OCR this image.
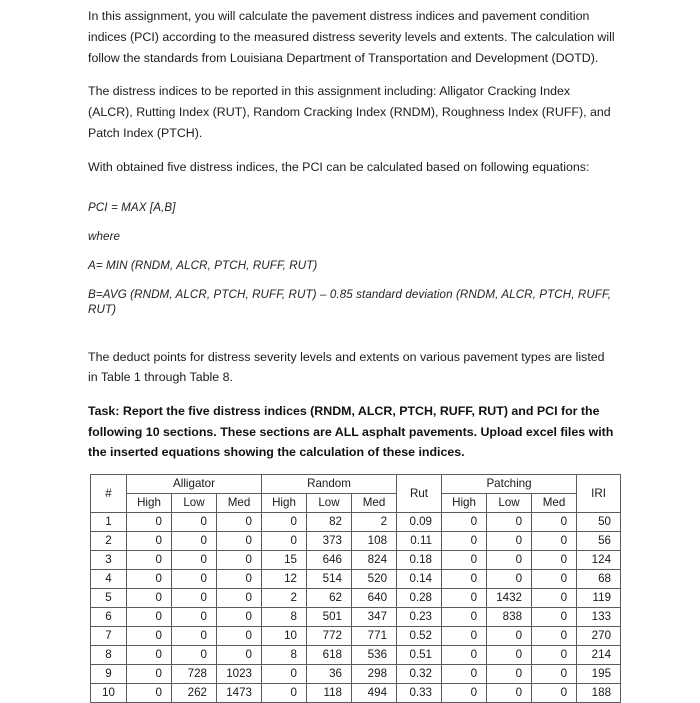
In this assignment, you will calculate the pavement distress indices and pavement condition indices (PCI) according to the measured distress severity levels and extents. The calculation will follow the standards from Louisiana Department of Transportation and Development (DOTD).

The distress indices to be reported in this assignment including: Alligator Cracking Index (ALCR), Rutting Index (RUT), Random Cracking Index (RNDM), Roughness Index (RUFF), and Patch Index (PTCH).

With obtained five distress indices, the PCI can be calculated based on following equations:

PCI = MAX [A,B]
where
A= MIN (RNDM, ALCR, PTCH, RUFF, RUT)
B=AVG (RNDM, ALCR, PTCH, RUFF, RUT) – 0.85 standard deviation (RNDM, ALCR, PTCH, RUFF, RUT)

The deduct points for distress severity levels and extents on various pavement types are listed in Table 1 through Table 8.

Task: Report the five distress indices (RNDM, ALCR, PTCH, RUFF, RUT) and PCI for the following 10 sections. These sections are ALL asphalt pavements. Upload excel files with the inserted equations showing the calculation of these indices.

#	Alligator			Random			Rut	Patching			IRI
	High	Low	Med	High	Low	Med		High	Low	Med	
1	0	0	0	0	82	2	0.09	0	0	0	50
2	0	0	0	0	373	108	0.11	0	0	0	56
3	0	0	0	15	646	824	0.18	0	0	0	124
4	0	0	0	12	514	520	0.14	0	0	0	68
5	0	0	0	2	62	640	0.28	0	1432	0	119
6	0	0	0	8	501	347	0.23	0	838	0	133
7	0	0	0	10	772	771	0.52	0	0	0	270
8	0	0	0	8	618	536	0.51	0	0	0	214
9	0	728	1023	0	36	298	0.32	0	0	0	195
10	0	262	1473	0	118	494	0.33	0	0	0	188
